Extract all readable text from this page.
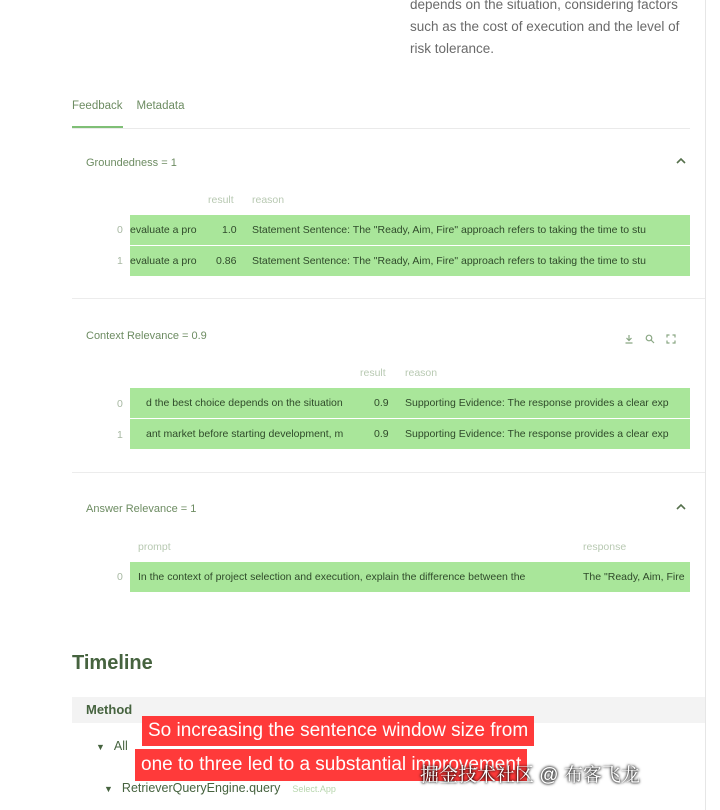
depends on the situation, considering factors such as the cost of execution and the level of risk tolerance.
Feedback Metadata
Groundedness = 1
result reason
0 evaluate a pro 1.0 Statement Sentence: The "Ready, Aim, Fire" approach refers to taking the time to stu
1 evaluate a pro 0.86 Statement Sentence: The "Ready, Aim, Fire" approach refers to taking the time to stu
Context Relevance = 0.9
result reason
0 d the best choice depends on the situation	0.9 Supporting Evidence: The response provides a clear exp
1 ant market before starting development, m	0.9 Supporting Evidence: The response provides a clear exp
Answer Relevance = 1
prompt	response
0 In the context of project selection and execution, explain the difference between the	The "Ready, Aim, Fire
Timeline
Method
▼ All
▼ RetrieverQueryEngine.query Select.App
So increasing the sentence window size from
one to three led to a substantial improvement
掘金技术社区 @ 布客飞龙
